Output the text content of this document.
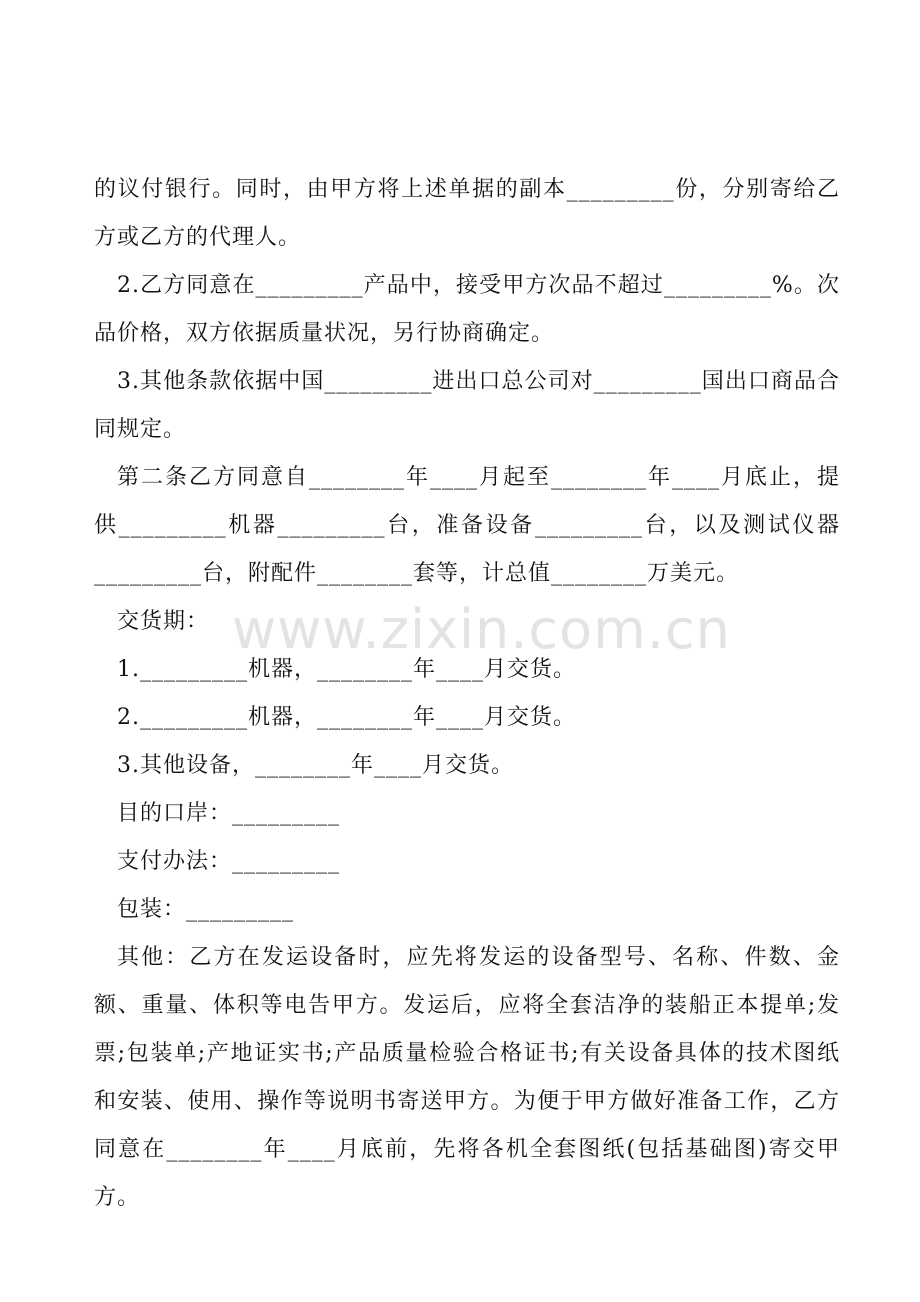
www.zixin.com.cn

的议付银行。同时，由甲方将上述单据的副本_________份，分别寄给乙方或乙方的代理人。

2.乙方同意在_________产品中，接受甲方次品不超过_________%。次品价格，双方依据质量状况，另行协商确定。

3.其他条款依据中国_________进出口总公司对_________国出口商品合同规定。

第二条乙方同意自________年____月起至________年____月底止，提供_________机器_________台，准备设备_________台，以及测试仪器_________台，附配件________套等，计总值________万美元。

交货期：

1._________机器，________年____月交货。

2._________机器，________年____月交货。

3.其他设备，________年____月交货。

目的口岸：_________

支付办法：_________

包装：_________

其他：乙方在发运设备时，应先将发运的设备型号、名称、件数、金额、重量、体积等电告甲方。发运后，应将全套洁净的装船正本提单;发票;包装单;产地证实书;产品质量检验合格证书;有关设备具体的技术图纸和安装、使用、操作等说明书寄送甲方。为便于甲方做好准备工作，乙方同意在________年____月底前，先将各机全套图纸(包括基础图)寄交甲方。
